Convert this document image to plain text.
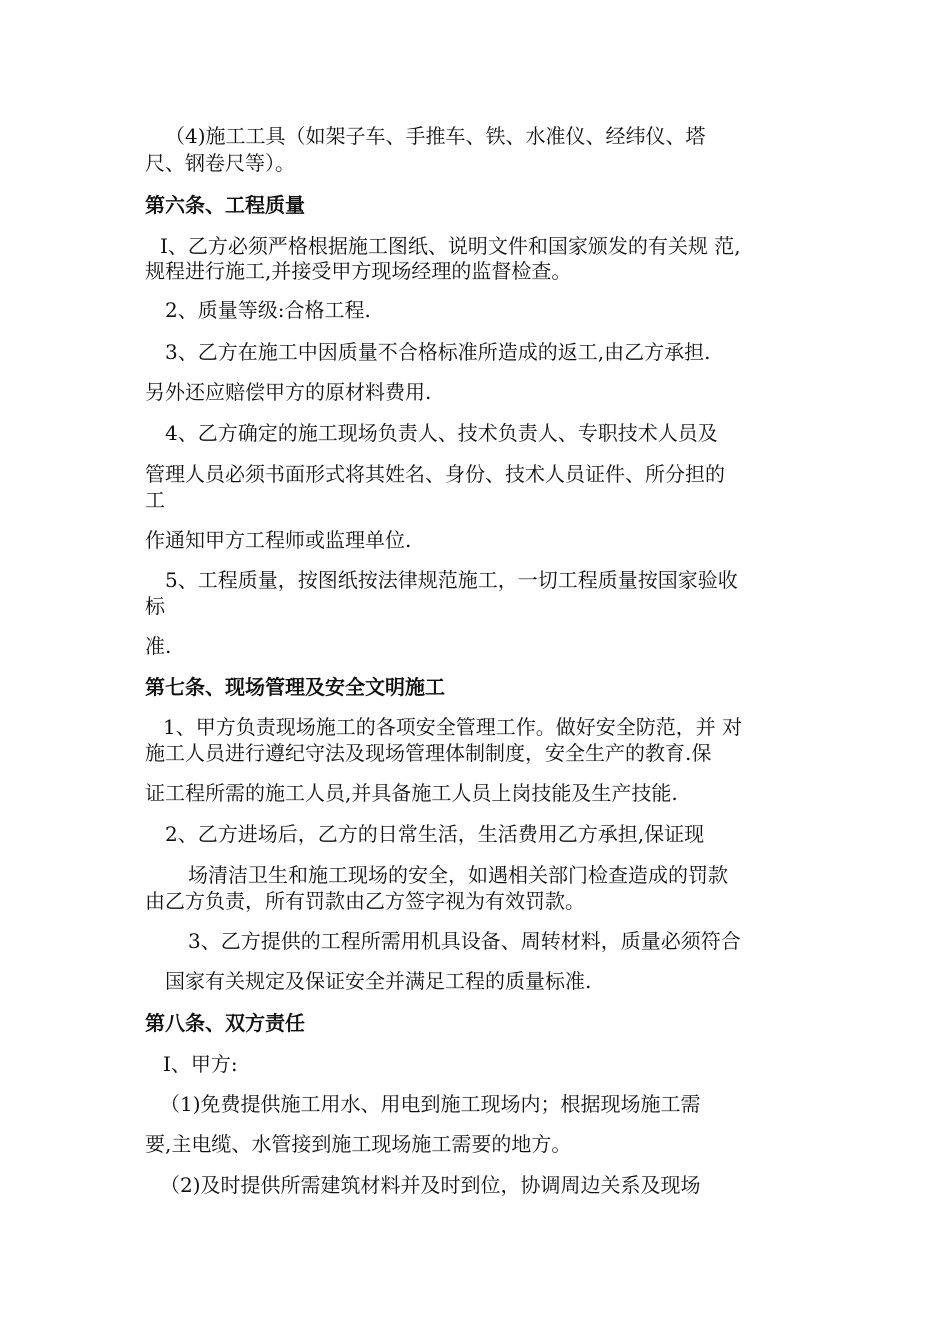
（4)施工工具（如架子车、手推车、铁、水准仪、经纬仪、塔
尺、钢卷尺等）。
第六条、工程质量
I、乙方必须严格根据施工图纸、说明文件和国家颁发的有关规 范,
规程进行施工,并接受甲方现场经理的监督检查。
2、质量等级:合格工程.
3、乙方在施工中因质量不合格标准所造成的返工,由乙方承担.
另外还应赔偿甲方的原材料费用.
4、乙方确定的施工现场负责人、技术负责人、专职技术人员及
管理人员必须书面形式将其姓名、身份、技术人员证件、所分担的
工
作通知甲方工程师或监理单位.
5、工程质量，按图纸按法律规范施工，一切工程质量按国家验收
标
准.
第七条、现场管理及安全文明施工
1、甲方负责现场施工的各项安全管理工作。做好安全防范，并 对
施工人员进行遵纪守法及现场管理体制制度，安全生产的教育.保
证工程所需的施工人员,并具备施工人员上岗技能及生产技能.
2、乙方进场后，乙方的日常生活，生活费用乙方承担,保证现
场清洁卫生和施工现场的安全，如遇相关部门检查造成的罚款
由乙方负责，所有罚款由乙方签字视为有效罚款。
3、乙方提供的工程所需用机具设备、周转材料，质量必须符合
国家有关规定及保证安全并满足工程的质量标准.
第八条、双方责任
I、甲方:
（1)免费提供施工用水、用电到施工现场内；根据现场施工需
要,主电缆、水管接到施工现场施工需要的地方。
（2)及时提供所需建筑材料并及时到位，协调周边关系及现场
